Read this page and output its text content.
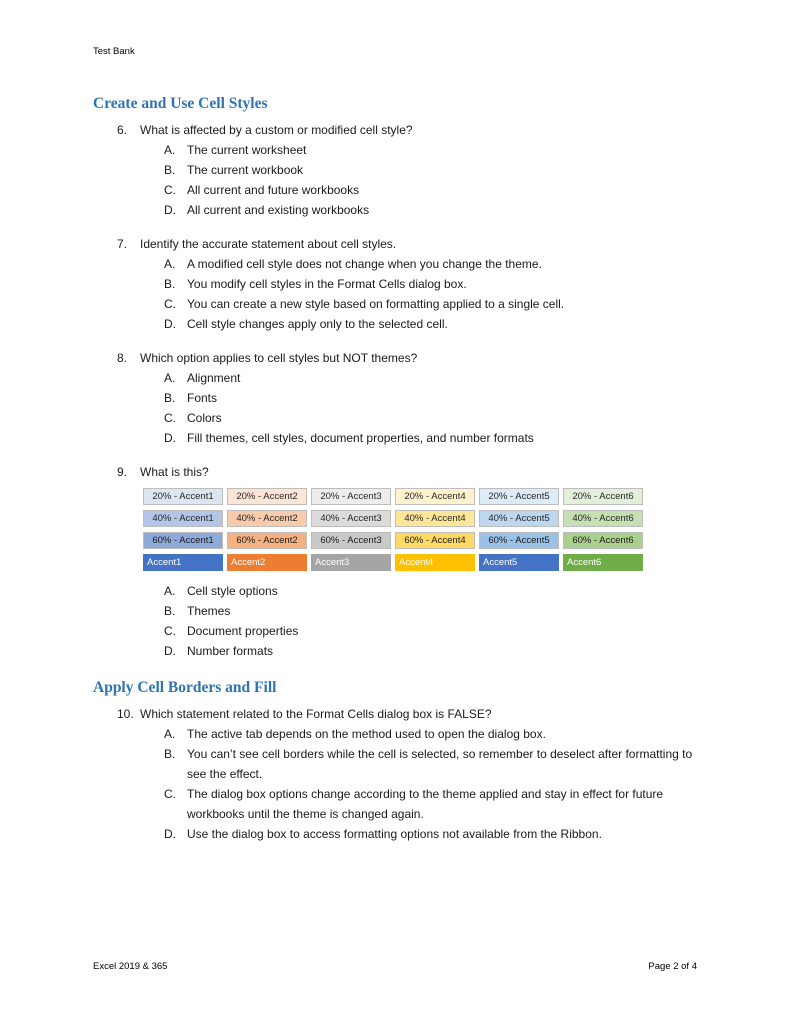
Test Bank
Create and Use Cell Styles
6.	What is affected by a custom or modified cell style?
A. The current worksheet
B. The current workbook
C. All current and future workbooks
D. All current and existing workbooks
7.	Identify the accurate statement about cell styles.
A. A modified cell style does not change when you change the theme.
B. You modify cell styles in the Format Cells dialog box.
C. You can create a new style based on formatting applied to a single cell.
D. Cell style changes apply only to the selected cell.
8.	Which option applies to cell styles but NOT themes?
A. Alignment
B. Fonts
C. Colors
D. Fill themes, cell styles, document properties, and number formats
9.	What is this?
20% - Accent1	20% - Accent2	20% - Accent3	20% - Accent4	20% - Accent5	20% - Accent6
40% - Accent1	40% - Accent2	40% - Accent3	40% - Accent4	40% - Accent5	40% - Accent6
60% - Accent1	60% - Accent2	60% - Accent3	60% - Accent4	60% - Accent5	60% - Accent6
Accent1	Accent2	Accent3	Accent4	Accent5	Accent6
A. Cell style options
B. Themes
C. Document properties
D. Number formats
Apply Cell Borders and Fill
10. Which statement related to the Format Cells dialog box is FALSE?
A. The active tab depends on the method used to open the dialog box.
B. You can’t see cell borders while the cell is selected, so remember to deselect after formatting to see the effect.
C. The dialog box options change according to the theme applied and stay in effect for future workbooks until the theme is changed again.
D. Use the dialog box to access formatting options not available from the Ribbon.
Excel 2019 & 365	Page 2 of 4
